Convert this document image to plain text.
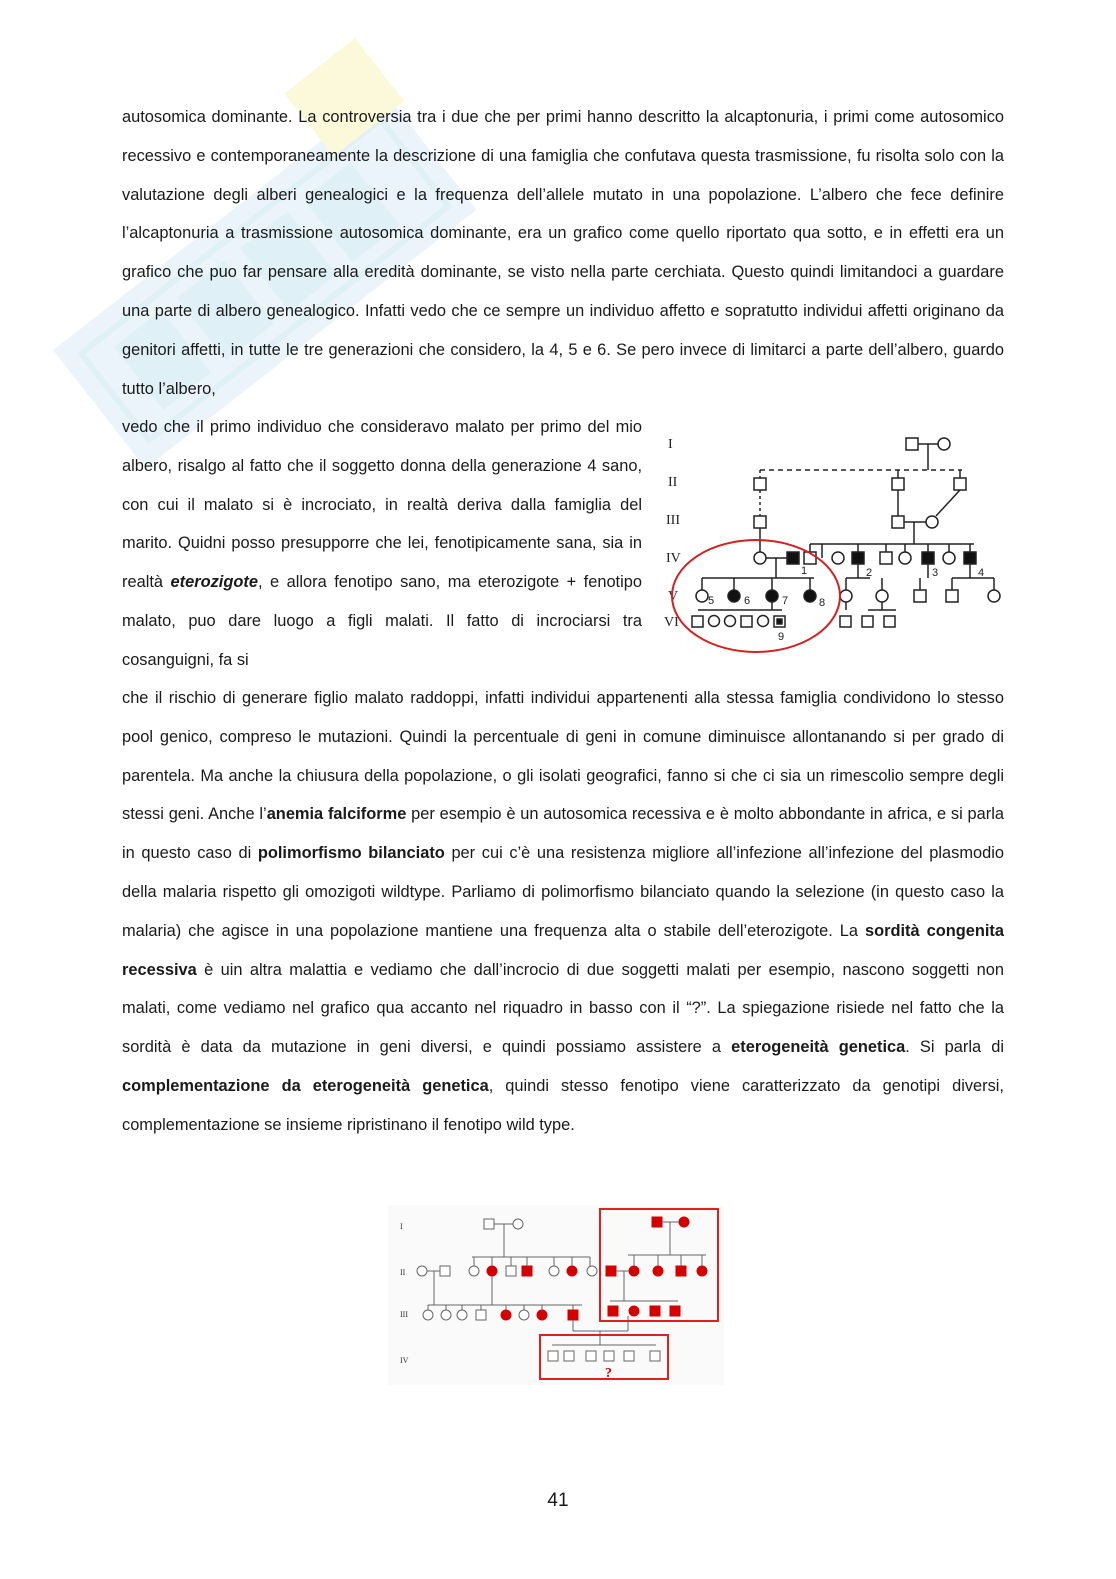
autosomica dominante. La controversia tra i due che per primi hanno descritto la alcaptonuria, i primi come autosomico recessivo e contemporaneamente la descrizione di una famiglia che confutava questa trasmissione, fu risolta solo con la valutazione degli alberi genealogici e la frequenza dell’allele mutato in una popolazione. L’albero che fece definire l’alcaptonuria a trasmissione autosomica dominante, era un grafico come quello riportato qua sotto, e in effetti era un grafico che puo far pensare alla eredità dominante, se visto nella parte cerchiata. Questo quindi limitandoci a guardare una parte di albero genealogico. Infatti vedo che ce sempre un individuo affetto e sopratutto individui affetti originano da genitori affetti, in tutte le tre generazioni che considero, la 4, 5 e 6. Se pero invece di limitarci a parte dell’albero, guardo tutto l’albero,

vedo che il primo individuo che consideravo malato per primo del mio albero, risalgo al fatto che il soggetto donna della generazione 4 sano, con cui il malato si è incrociato, in realtà deriva dalla famiglia del marito. Quidni posso presupporre che lei, fenotipicamente sana, sia in realtà eterozigote, e allora fenotipo sano, ma eterozigote + fenotipo malato, puo dare luogo a figli malati. Il fatto di incrociarsi tra cosanguigni, fa si

I
II
III
IV
V
VI
1	2	3	4
5	6	7	8
9

che il rischio di generare figlio malato raddoppi, infatti individui appartenenti alla stessa famiglia condividono lo stesso pool genico, compreso le mutazioni. Quindi la percentuale di geni in comune diminuisce allontanando si per grado di parentela. Ma anche la chiusura della popolazione, o gli isolati geografici, fanno si che ci sia un rimescolio sempre degli stessi geni. Anche l’anemia falciforme per esempio è un autosomica recessiva e è molto abbondante in africa, e si parla in questo caso di polimorfismo bilanciato per cui c’è una resistenza migliore all’infezione all’infezione del plasmodio della malaria rispetto gli omozigoti wildtype. Parliamo di polimorfismo bilanciato quando la selezione (in questo caso la malaria) che agisce in una popolazione mantiene una frequenza alta o stabile dell’eterozigote. La sordità congenita recessiva è uin altra malattia e vediamo che dall’incrocio di due soggetti malati per esempio, nascono soggetti non malati, come vediamo nel grafico qua accanto nel riquadro in basso con il “?”. La spiegazione risiede nel fatto che la sordità è data da mutazione in geni diversi, e quindi possiamo assistere a eterogeneità genetica. Si parla di complementazione da eterogeneità genetica, quindi stesso fenotipo viene caratterizzato da genotipi diversi, complementazione se insieme ripristinano il fenotipo wild type.

I
II
III
IV
?
41
